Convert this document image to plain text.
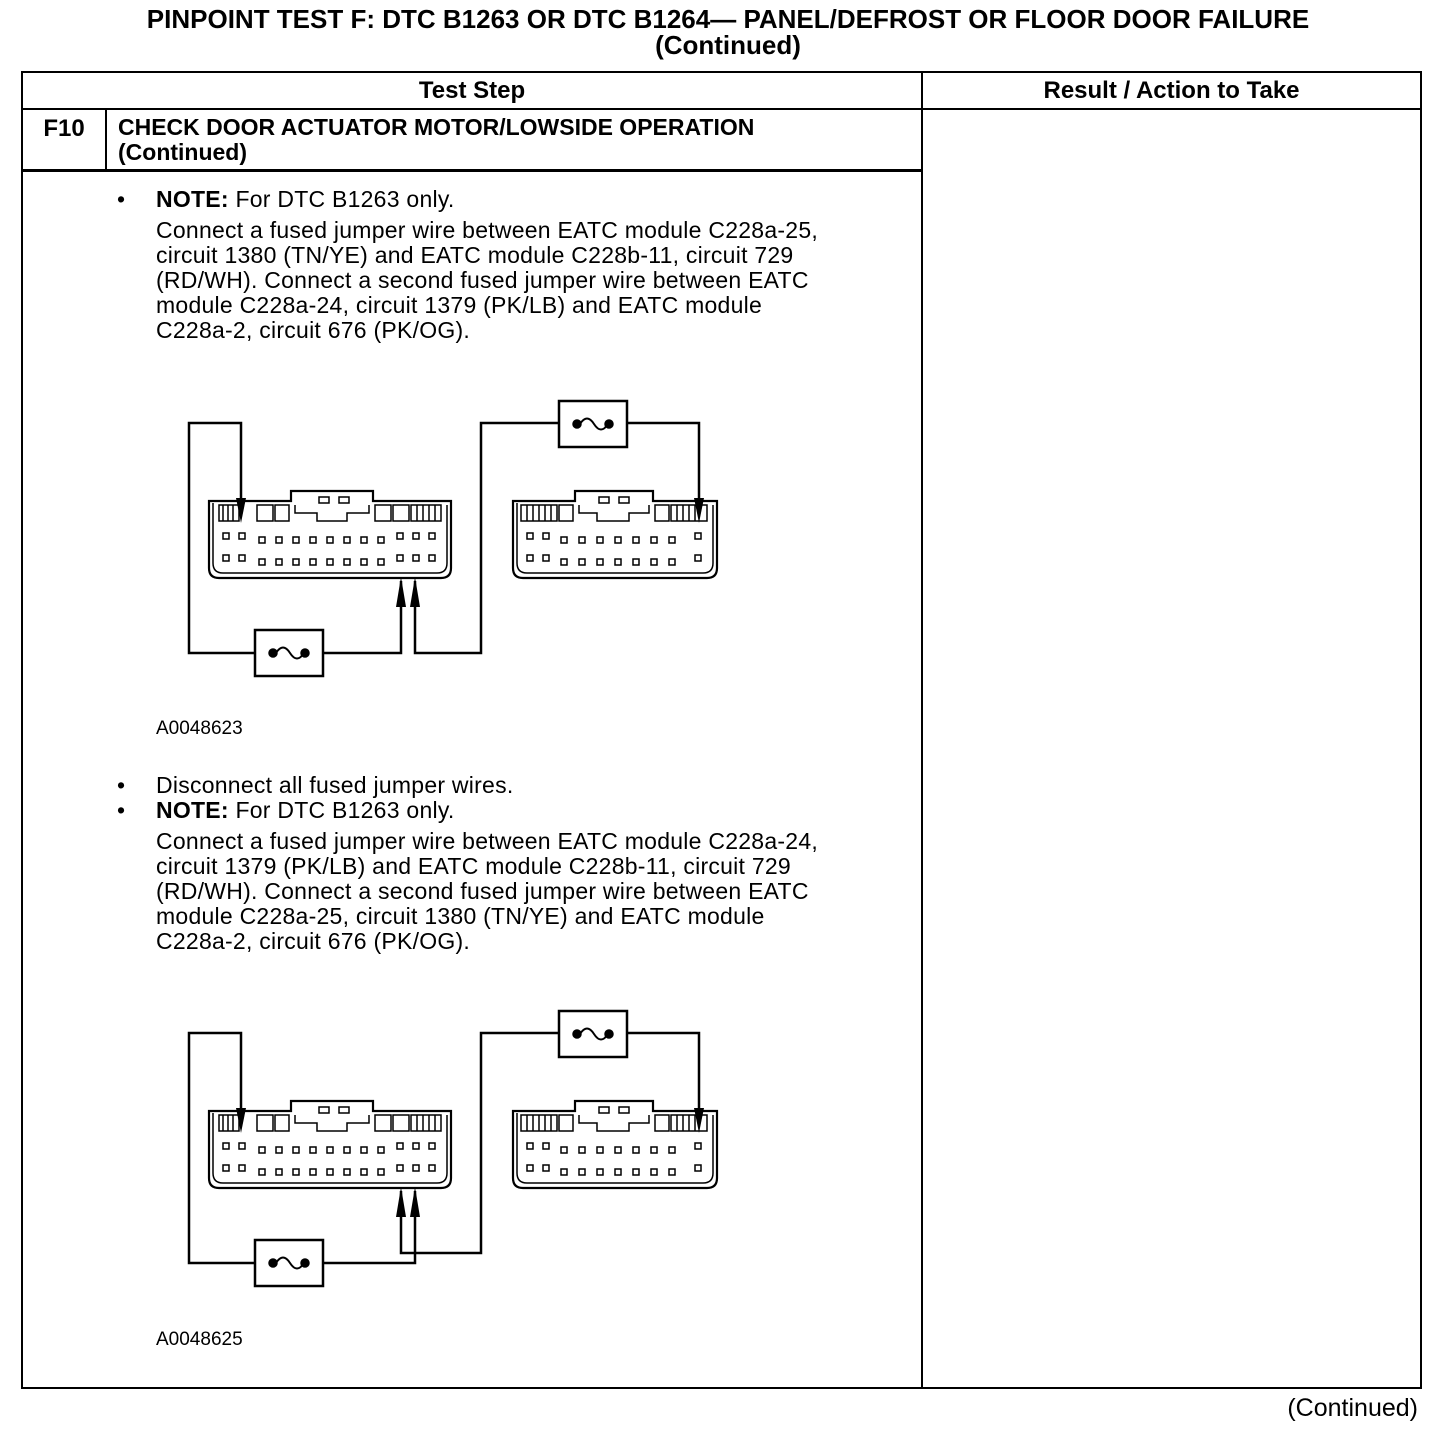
PINPOINT TEST F: DTC B1263 OR DTC B1264— PANEL/DEFROST OR FLOOR DOOR FAILURE
(Continued)
Test Step	Result / Action to Take
F10	CHECK DOOR ACTUATOR MOTOR/LOWSIDE OPERATION
(Continued)
• NOTE: For DTC B1263 only.
Connect a fused jumper wire between EATC module C228a-25,
circuit 1380 (TN/YE) and EATC module C228b-11, circuit 729
(RD/WH). Connect a second fused jumper wire between EATC
module C228a-24, circuit 1379 (PK/LB) and EATC module
C228a-2, circuit 676 (PK/OG).
A0048623
• Disconnect all fused jumper wires.
• NOTE: For DTC B1263 only.
Connect a fused jumper wire between EATC module C228a-24,
circuit 1379 (PK/LB) and EATC module C228b-11, circuit 729
(RD/WH). Connect a second fused jumper wire between EATC
module C228a-25, circuit 1380 (TN/YE) and EATC module
C228a-2, circuit 676 (PK/OG).
A0048625
(Continued)
